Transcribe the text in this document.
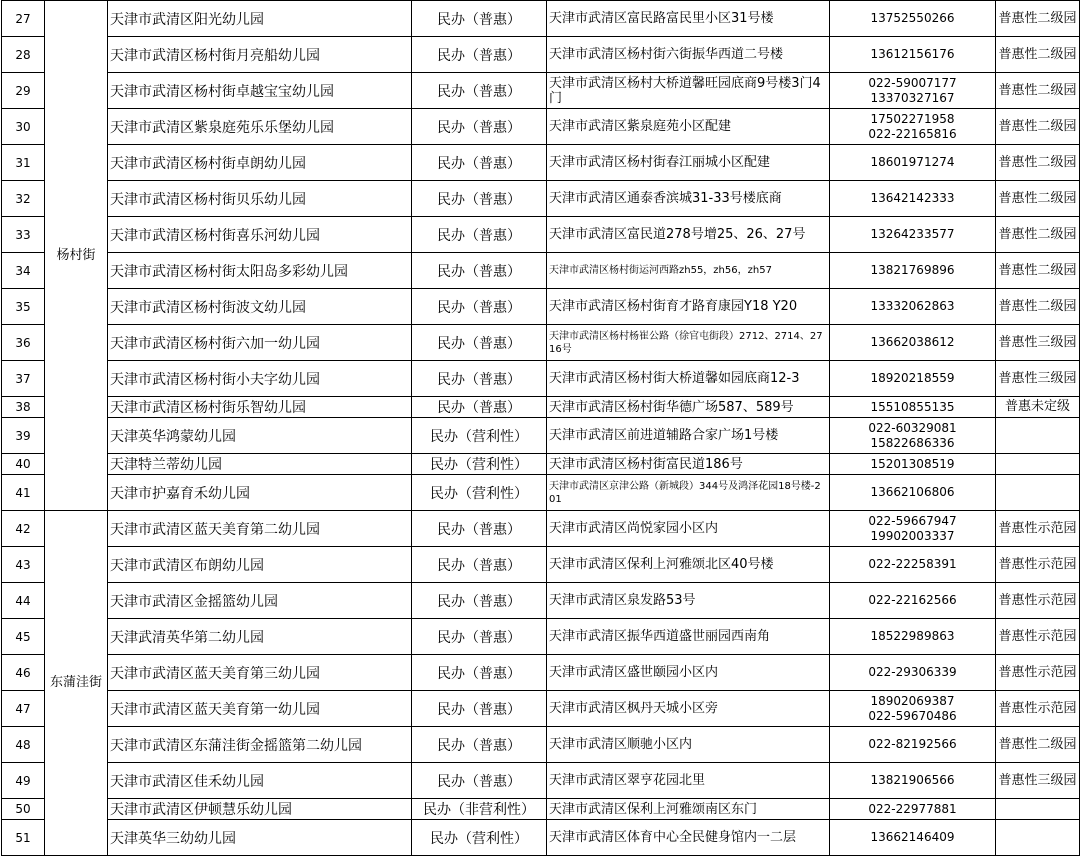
27	杨村街	天津市武清区阳光幼儿园	民办（普惠）	天津市武清区富民路富民里小区31号楼	13752550266	普惠性二级园
28		天津市武清区杨村街月亮船幼儿园	民办（普惠）	天津市武清区杨村街六街振华西道二号楼	13612156176	普惠性二级园
29		天津市武清区杨村街卓越宝宝幼儿园	民办（普惠）	天津市武清区杨村大桥道馨旺园底商9号楼3门4门	022-59007177
13370327167	普惠性二级园
30		天津市武清区紫泉庭苑乐乐堡幼儿园	民办（普惠）	天津市武清区紫泉庭苑小区配建	17502271958
022-22165816	普惠性二级园
31		天津市武清区杨村街卓朗幼儿园	民办（普惠）	天津市武清区杨村街春江丽城小区配建	18601971274	普惠性二级园
32		天津市武清区杨村街贝乐幼儿园	民办（普惠）	天津市武清区通泰香滨城31-33号楼底商	13642142333	普惠性二级园
33		天津市武清区杨村街喜乐河幼儿园	民办（普惠）	天津市武清区富民道278号增25、26、27号	13264233577	普惠性二级园
34		天津市武清区杨村街太阳岛多彩幼儿园	民办（普惠）	天津市武清区杨村街运河西路zh55，zh56，zh57	13821769896	普惠性二级园
35		天津市武清区杨村街波文幼儿园	民办（普惠）	天津市武清区杨村街育才路育康园Y18 Y20	13332062863	普惠性二级园
36		天津市武清区杨村街六加一幼儿园	民办（普惠）	天津市武清区杨村杨崔公路（徐官屯街段）2712、2714、2716号	13662038612	普惠性三级园
37		天津市武清区杨村街小夫字幼儿园	民办（普惠）	天津市武清区杨村街大桥道馨如园底商12-3	18920218559	普惠性三级园
38		天津市武清区杨村街乐智幼儿园	民办（普惠）	天津市武清区杨村街华德广场587、589号	15510855135	普惠未定级
39		天津英华鸿蒙幼儿园	民办（营利性）	天津市武清区前进道辅路合家广场1号楼	022-60329081
15822686336	

40		天津特兰蒂幼儿园	民办（营利性）	天津市武清区杨村街富民道186号	15201308519	

41		天津市护嘉育禾幼儿园	民办（营利性）	天津市武清区京津公路（新城段）344号及鸿泽花园18号楼-201	13662106806	

42	东蒲洼街	天津市武清区蓝天美育第二幼儿园	民办（普惠）	天津市武清区尚悦家园小区内	022-59667947
19902003337	普惠性示范园
43		天津市武清区布朗幼儿园	民办（普惠）	天津市武清区保利上河雅颂北区40号楼	022-22258391	普惠性示范园
44		天津市武清区金摇篮幼儿园	民办（普惠）	天津市武清区泉发路53号	022-22162566	普惠性示范园
45		天津武清英华第二幼儿园	民办（普惠）	天津市武清区振华西道盛世丽园西南角	18522989863	普惠性示范园
46		天津市武清区蓝天美育第三幼儿园	民办（普惠）	天津市武清区盛世颐园小区内	022-29306339	普惠性示范园
47		天津市武清区蓝天美育第一幼儿园	民办（普惠）	天津市武清区枫丹天城小区旁	18902069387
022-59670486	普惠性示范园
48		天津市武清区东蒲洼街金摇篮第二幼儿园	民办（普惠）	天津市武清区顺驰小区内	022-82192566	普惠性二级园
49		天津市武清区佳禾幼儿园	民办（普惠）	天津市武清区翠亨花园北里	13821906566	普惠性三级园
50		天津市武清区伊顿慧乐幼儿园	民办（非营利性）	天津市武清区保利上河雅颂南区东门	022-22977881	

51		天津英华三幼幼儿园	民办（营利性）	天津市武清区体育中心全民健身馆内一二层	13662146409	
